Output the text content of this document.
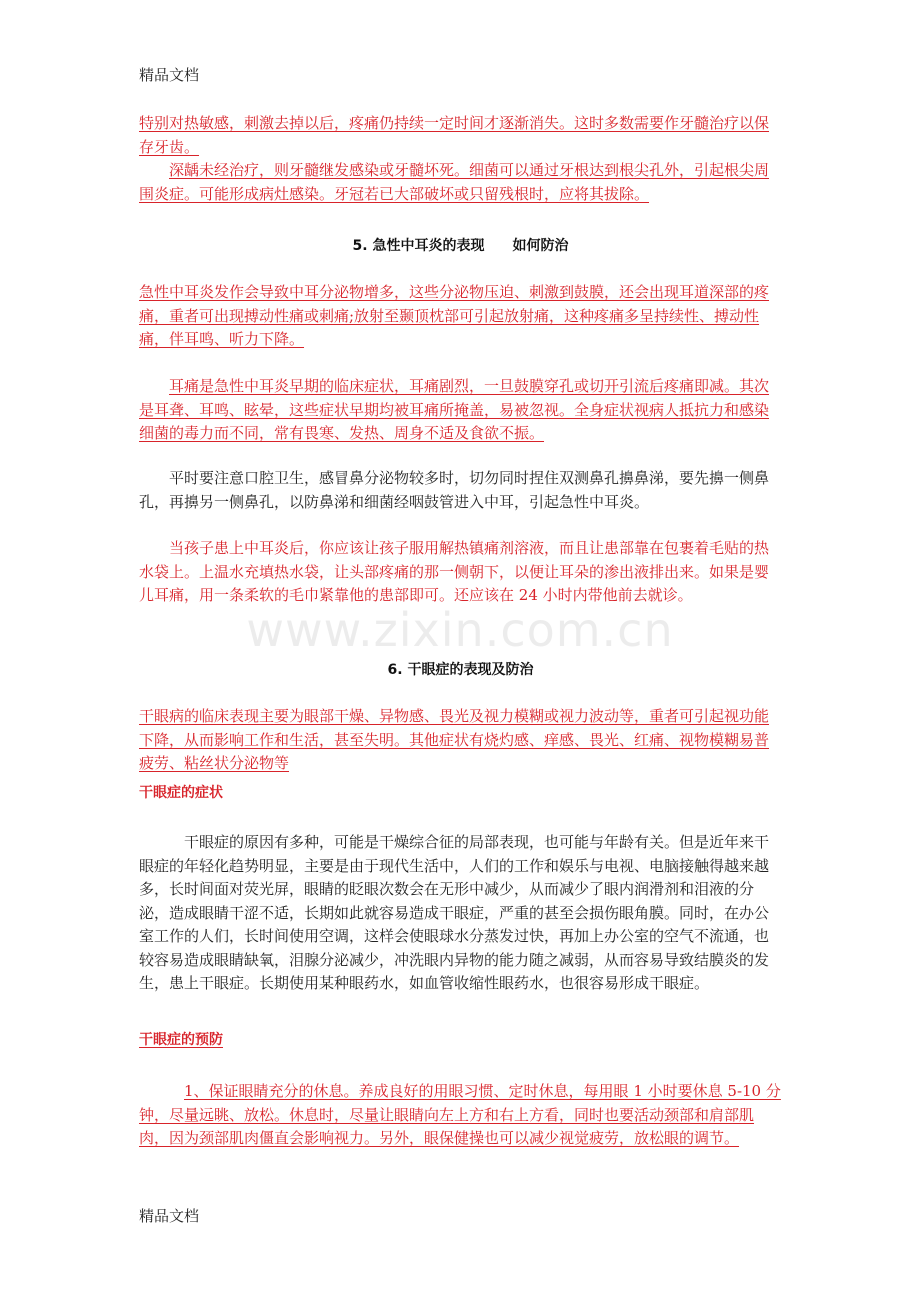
精品文档
www.zixin.com.cn

特别对热敏感，刺激去掉以后，疼痛仍持续一定时间才逐渐消失。这时多数需要作牙髓治疗以保存牙齿。

深龋未经治疗，则牙髓继发感染或牙髓坏死。细菌可以通过牙根达到根尖孔外，引起根尖周围炎症。可能形成病灶感染。牙冠若已大部破坏或只留残根时，应将其拔除。

5. 急性中耳炎的表现　　如何防治

急性中耳炎发作会导致中耳分泌物增多，这些分泌物压迫、刺激到鼓膜，还会出现耳道深部的疼痛，重者可出现搏动性痛或刺痛;放射至颞顶枕部可引起放射痛，这种疼痛多呈持续性、搏动性痛，伴耳鸣、听力下降。

耳痛是急性中耳炎早期的临床症状，耳痛剧烈，一旦鼓膜穿孔或切开引流后疼痛即减。其次是耳聋、耳鸣、眩晕，这些症状早期均被耳痛所掩盖，易被忽视。全身症状视病人抵抗力和感染细菌的毒力而不同，常有畏寒、发热、周身不适及食欲不振。

平时要注意口腔卫生，感冒鼻分泌物较多时，切勿同时捏住双测鼻孔擤鼻涕，要先擤一侧鼻孔，再擤另一侧鼻孔，以防鼻涕和细菌经咽鼓管进入中耳，引起急性中耳炎。

当孩子患上中耳炎后，你应该让孩子服用解热镇痛剂溶液，而且让患部靠在包裹着毛贴的热水袋上。上温水充填热水袋，让头部疼痛的那一侧朝下，以便让耳朵的渗出液排出来。如果是婴儿耳痛，用一条柔软的毛巾紧靠他的患部即可。还应该在 24 小时内带他前去就诊。

6. 干眼症的表现及防治

干眼病的临床表现主要为眼部干燥、异物感、畏光及视力模糊或视力波动等，重者可引起视功能下降，从而影响工作和生活，甚至失明。其他症状有烧灼感、痒感、畏光、红痛、视物模糊易普疲劳、粘丝状分泌物等

干眼症的症状

干眼症的原因有多种，可能是干燥综合征的局部表现，也可能与年龄有关。但是近年来干眼症的年轻化趋势明显，主要是由于现代生活中，人们的工作和娱乐与电视、电脑接触得越来越多，长时间面对荧光屏，眼睛的眨眼次数会在无形中减少，从而减少了眼内润滑剂和泪液的分泌，造成眼睛干涩不适，长期如此就容易造成干眼症，严重的甚至会损伤眼角膜。同时，在办公室工作的人们，长时间使用空调，这样会使眼球水分蒸发过快，再加上办公室的空气不流通，也较容易造成眼睛缺氧，泪腺分泌减少，冲洗眼内异物的能力随之减弱，从而容易导致结膜炎的发生，患上干眼症。长期使用某种眼药水，如血管收缩性眼药水，也很容易形成干眼症。

干眼症的预防

1、保证眼睛充分的休息。养成良好的用眼习惯、定时休息，每用眼 1 小时要休息 5-10 分钟，尽量远眺、放松。休息时，尽量让眼睛向左上方和右上方看，同时也要活动颈部和肩部肌肉，因为颈部肌肉僵直会影响视力。另外，眼保健操也可以减少视觉疲劳，放松眼的调节。

精品文档
